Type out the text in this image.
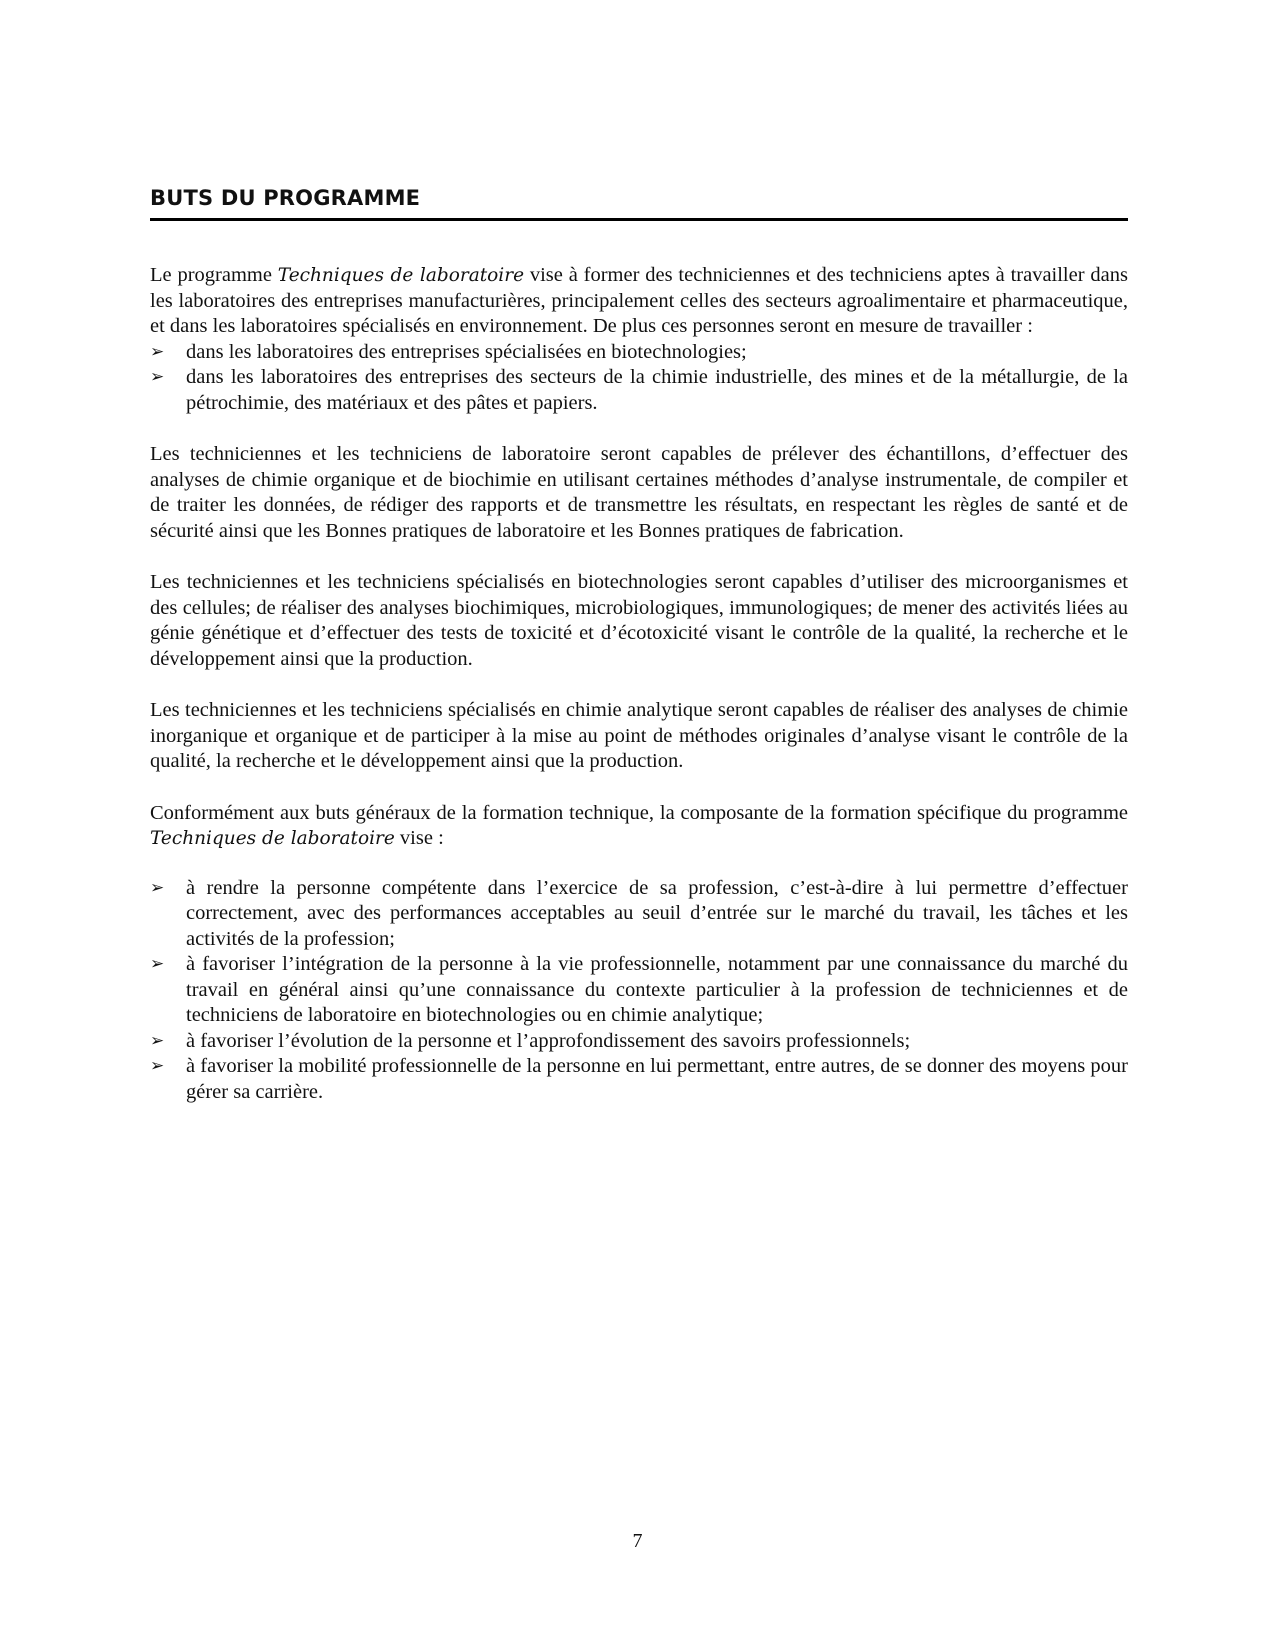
BUTS DU PROGRAMME

Le programme Techniques de laboratoire vise à former des techniciennes et des techniciens aptes à travailler dans les laboratoires des entreprises manufacturières, principalement celles des secteurs agroalimentaire et pharmaceutique, et dans les laboratoires spécialisés en environnement. De plus ces personnes seront en mesure de travailler :

➢ dans les laboratoires des entreprises spécialisées en biotechnologies;
➢ dans les laboratoires des entreprises des secteurs de la chimie industrielle, des mines et de la métallurgie, de la pétrochimie, des matériaux et des pâtes et papiers.

Les techniciennes et les techniciens de laboratoire seront capables de prélever des échantillons, d’effectuer des analyses de chimie organique et de biochimie en utilisant certaines méthodes d’analyse instrumentale, de compiler et de traiter les données, de rédiger des rapports et de transmettre les résultats, en respectant les règles de santé et de sécurité ainsi que les Bonnes pratiques de laboratoire et les Bonnes pratiques de fabrication.

Les techniciennes et les techniciens spécialisés en biotechnologies seront capables d’utiliser des microorganismes et des cellules; de réaliser des analyses biochimiques, microbiologiques, immunologiques; de mener des activités liées au génie génétique et d’effectuer des tests de toxicité et d’écotoxicité visant le contrôle de la qualité, la recherche et le développement ainsi que la production.

Les techniciennes et les techniciens spécialisés en chimie analytique seront capables de réaliser des analyses de chimie inorganique et organique et de participer à la mise au point de méthodes originales d’analyse visant le contrôle de la qualité, la recherche et le développement ainsi que la production.

Conformément aux buts généraux de la formation technique, la composante de la formation spécifique du programme Techniques de laboratoire vise :

➢ à rendre la personne compétente dans l’exercice de sa profession, c’est-à-dire à lui permettre d’effectuer correctement, avec des performances acceptables au seuil d’entrée sur le marché du travail, les tâches et les activités de la profession;
➢ à favoriser l’intégration de la personne à la vie professionnelle, notamment par une connaissance du marché du travail en général ainsi qu’une connaissance du contexte particulier à la profession de techniciennes et de techniciens de laboratoire en biotechnologies ou en chimie analytique;
➢ à favoriser l’évolution de la personne et l’approfondissement des savoirs professionnels;
➢ à favoriser la mobilité professionnelle de la personne en lui permettant, entre autres, de se donner des moyens pour gérer sa carrière.
7
